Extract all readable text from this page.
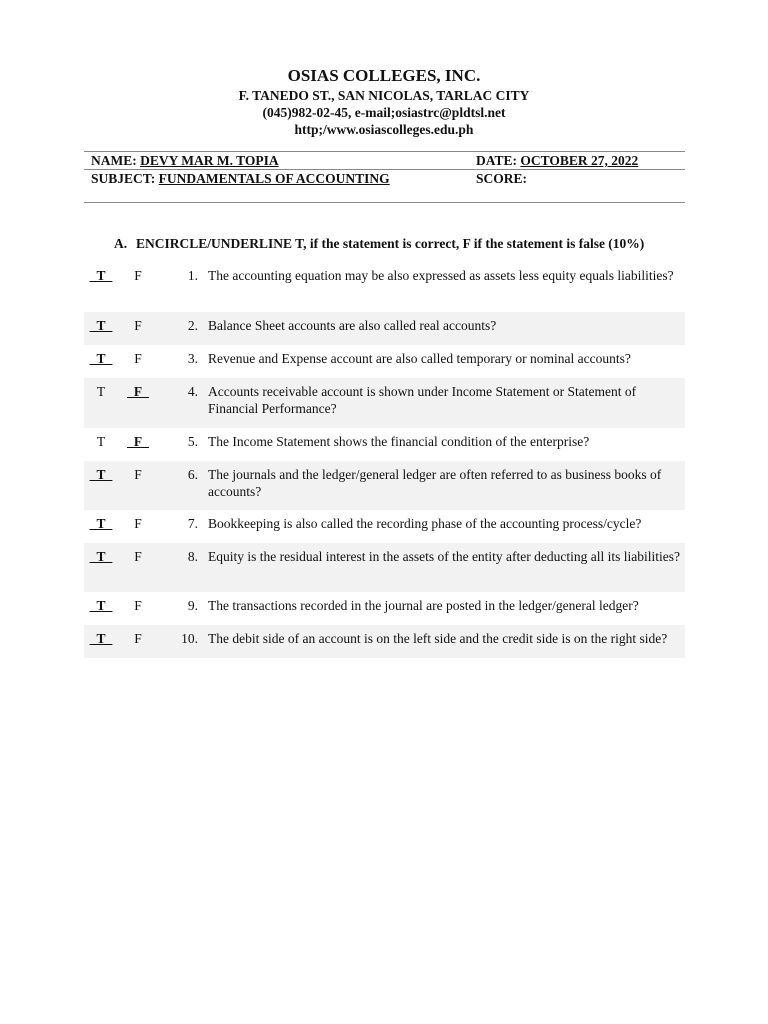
OSIAS COLLEGES, INC.
F. TANEDO ST., SAN NICOLAS, TARLAC CITY
(045)982-02-45, e-mail;osiastrc@pldtsl.net
http;/www.osiascolleges.edu.ph
NAME: DEVY MAR M. TOPIA	DATE: OCTOBER 27, 2022
SUBJECT: FUNDAMENTALS OF ACCOUNTING	SCORE:
A. ENCIRCLE/UNDERLINE T, if the statement is correct, F if the statement is false (10%)
_T_	F	1. The accounting equation may be also expressed as assets less equity equals liabilities?
_T_	F	2. Balance Sheet accounts are also called real accounts?
_T_	F	3. Revenue and Expense account are also called temporary or nominal accounts?
T	_F_	4. Accounts receivable account is shown under Income Statement or Statement of Financial Performance?
T	_F_	5. The Income Statement shows the financial condition of the enterprise?
_T_	F	6. The journals and the ledger/general ledger are often referred to as business books of accounts?
_T_	F	7. Bookkeeping is also called the recording phase of the accounting process/cycle?
_T_	F	8. Equity is the residual interest in the assets of the entity after deducting all its liabilities?
_T_	F	9. The transactions recorded in the journal are posted in the ledger/general ledger?
_T_	F	10. The debit side of an account is on the left side and the credit side is on the right side?
